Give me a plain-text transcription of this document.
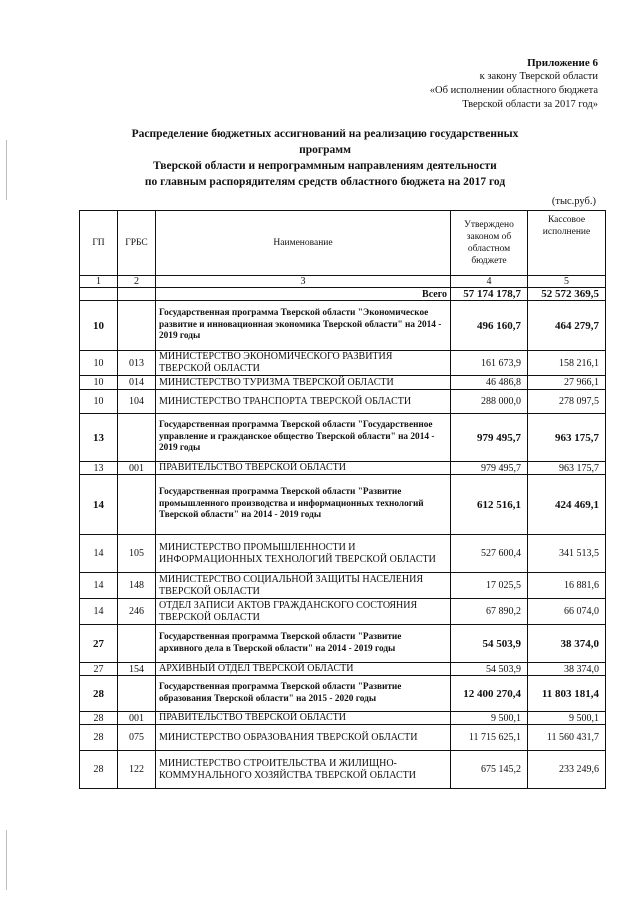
Приложение 6
к закону Тверской области
«Об исполнении областного бюджета
Тверской области за 2017 год»
Распределение бюджетных ассигнований на реализацию государственных
программ
Тверской области и непрограммным направлениям деятельности
по главным распорядителям средств областного бюджета на 2017 год
(тыс.руб.)
ГП	ГРБС	Наименование	Утверждено законом об областном бюджете	Кассовое исполнение
1	2	3	4	5
		Всего	57 174 178,7	52 572 369,5
10		Государственная программа Тверской области "Экономическое развитие и инновационная экономика Тверской области" на 2014 - 2019 годы	496 160,7	464 279,7
10	013	МИНИСТЕРСТВО ЭКОНОМИЧЕСКОГО РАЗВИТИЯ ТВЕРСКОЙ ОБЛАСТИ	161 673,9	158 216,1
10	014	МИНИСТЕРСТВО ТУРИЗМА ТВЕРСКОЙ ОБЛАСТИ	46 486,8	27 966,1
10	104	МИНИСТЕРСТВО ТРАНСПОРТА ТВЕРСКОЙ ОБЛАСТИ	288 000,0	278 097,5
13		Государственная программа Тверской области "Государственное управление и гражданское общество Тверской области" на 2014 - 2019 годы	979 495,7	963 175,7
13	001	ПРАВИТЕЛЬСТВО ТВЕРСКОЙ ОБЛАСТИ	979 495,7	963 175,7
14		Государственная программа Тверской области "Развитие промышленного производства и информационных технологий Тверской области" на 2014 - 2019 годы	612 516,1	424 469,1
14	105	МИНИСТЕРСТВО ПРОМЫШЛЕННОСТИ И ИНФОРМАЦИОННЫХ ТЕХНОЛОГИЙ ТВЕРСКОЙ ОБЛАСТИ	527 600,4	341 513,5
14	148	МИНИСТЕРСТВО СОЦИАЛЬНОЙ ЗАЩИТЫ НАСЕЛЕНИЯ ТВЕРСКОЙ ОБЛАСТИ	17 025,5	16 881,6
14	246	ОТДЕЛ ЗАПИСИ АКТОВ ГРАЖДАНСКОГО СОСТОЯНИЯ ТВЕРСКОЙ ОБЛАСТИ	67 890,2	66 074,0
27		Государственная программа Тверской области "Развитие архивного дела в Тверской области" на 2014 - 2019 годы	54 503,9	38 374,0
27	154	АРХИВНЫЙ ОТДЕЛ ТВЕРСКОЙ ОБЛАСТИ	54 503,9	38 374,0
28		Государственная программа Тверской области "Развитие образования Тверской области" на 2015 - 2020 годы	12 400 270,4	11 803 181,4
28	001	ПРАВИТЕЛЬСТВО ТВЕРСКОЙ ОБЛАСТИ	9 500,1	9 500,1
28	075	МИНИСТЕРСТВО ОБРАЗОВАНИЯ ТВЕРСКОЙ ОБЛАСТИ	11 715 625,1	11 560 431,7
28	122	МИНИСТЕРСТВО СТРОИТЕЛЬСТВА И ЖИЛИЩНО-КОММУНАЛЬНОГО ХОЗЯЙСТВА ТВЕРСКОЙ ОБЛАСТИ	675 145,2	233 249,6
